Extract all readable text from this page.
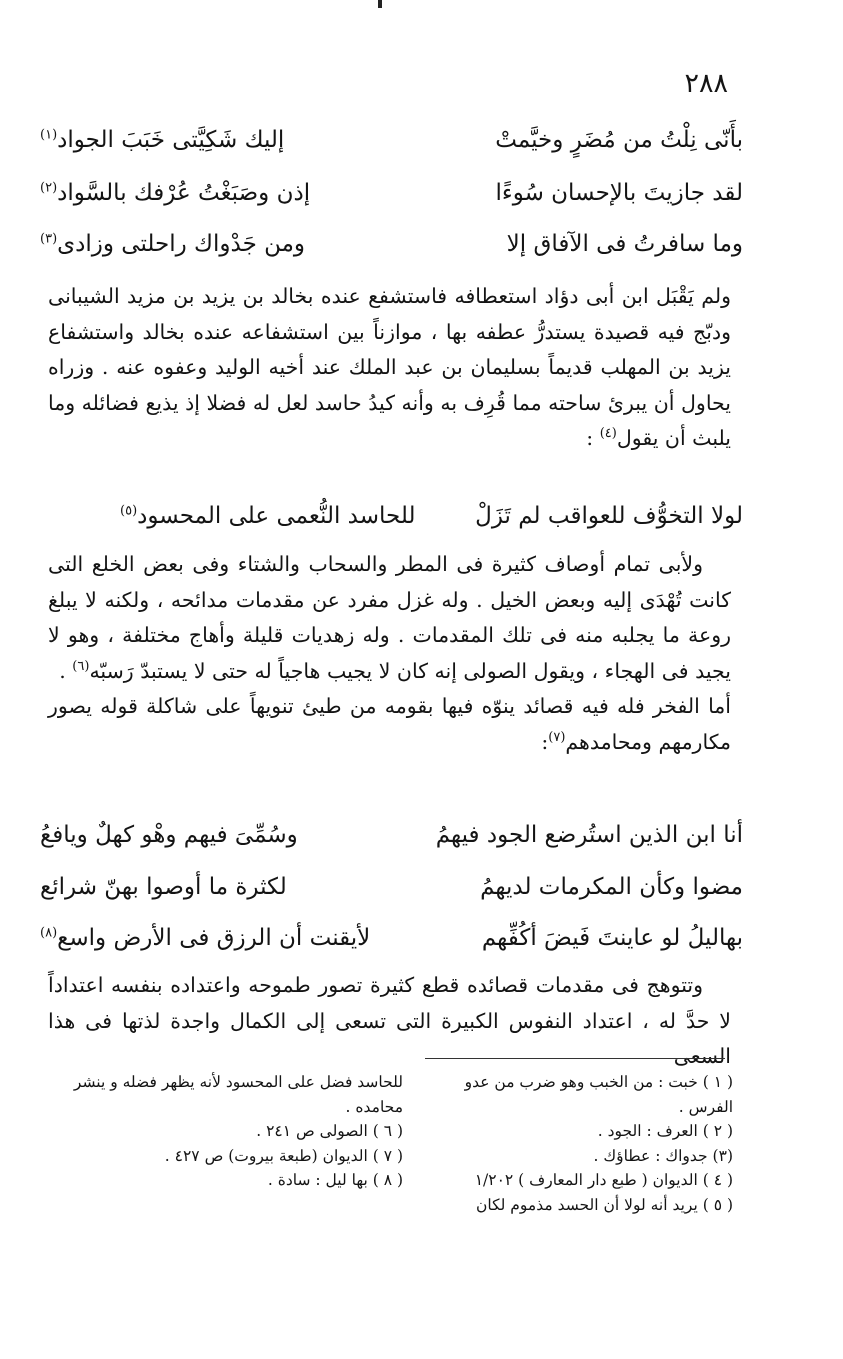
٢٨٨
بأَنّى نِلْتُ من مُضَرٍ وخيَّمتْ
إليك شَكِيَّتى خَبَبَ الجواد$^{(١)}$
لقد جازيتَ بالإحسان سُوءًا
إذن وصَبَغْتُ عُرْفك بالسَّواد$^{(٢)}$
وما سافرتُ فى الآفاق إلا
ومن جَدْواك راحلتى وزادى$^{(٣)}$

ولم يَقْبَل ابن أبى دؤاد استعطافه فاستشفع عنده بخالد بن يزيد بن مزيد الشيبانى ودبّج فيه قصيدة يستدرُّ عطفه بها ، موازناً بين استشفاعه عنده بخالد واستشفاع يزيد بن المهلب قديماً بسليمان بن عبد الملك عند أخيه الوليد وعفوه عنه . وزراه يحاول أن يبرئ ساحته مما قُرِف به وأنه كيدُ حاسد لعل له فضلا إذ يذيع فضائله وما يلبث أن يقول$^{(٤)}$ :

لولا التخوُّف للعواقب لم تَزَلْ
للحاسد النُّعمى على المحسود$^{(٥)}$

ولأبى تمام أوصاف كثيرة فى المطر والسحاب والشتاء وفى بعض الخلع التى كانت تُهْدَى إليه وبعض الخيل . وله غزل مفرد عن مقدمات مدائحه ، ولكنه لا يبلغ روعة ما يجلبه منه فى تلك المقدمات . وله زهديات قليلة وأهاج مختلفة ، وهو لا يجيد فى الهجاء ، ويقول الصولى إنه كان لا يجيب هاجياً له حتى لا يستبدّ رَسبّه$^{(٦)}$ .

أما الفخر فله فيه قصائد ينوّه فيها بقومه من طيئ تنويهاً على شاكلة قوله يصور مكارمهم ومحامدهم$^{(٧)}$:

أنا ابن الذين استُرضع الجود فيهمُ
وسُمِّىَ فيهم وهْو كهلٌ ويافعُ
مضوا وكأن المكرمات لديهمُ
لكثرة ما أوصوا بهنّ شرائع
بهاليلُ لو عاينتَ فَيضَ أكُفِّهم
لأيقنت أن الرزق فى الأرض واسع$^{(٨)}$

وتتوهج فى مقدمات قصائده قطع كثيرة تصور طموحه واعتداده بنفسه اعتداداً لا حدَّ له ، اعتداد النفوس الكبيرة التى تسعى إلى الكمال واجدة لذتها فى هذا السعى

( ١ ) خبت : من الخبب وهو ضرب من عدو الفرس .
( ٢ ) العرف : الجود .
(٣) جدواك : عطاؤك .
( ٤ ) الديوان ( طبع دار المعارف ) ١/٢٠٢
( ٥ ) يريد أنه لولا أن الحسد مذموم لكان
للحاسد فضل على المحسود لأنه يظهر فضله و ينشر محامده .
( ٦ ) الصولى ص ٢٤١ .
( ٧ ) الديوان (طبعة بيروت) ص ٤٢٧ .
( ٨ ) بها ليل : سادة .
